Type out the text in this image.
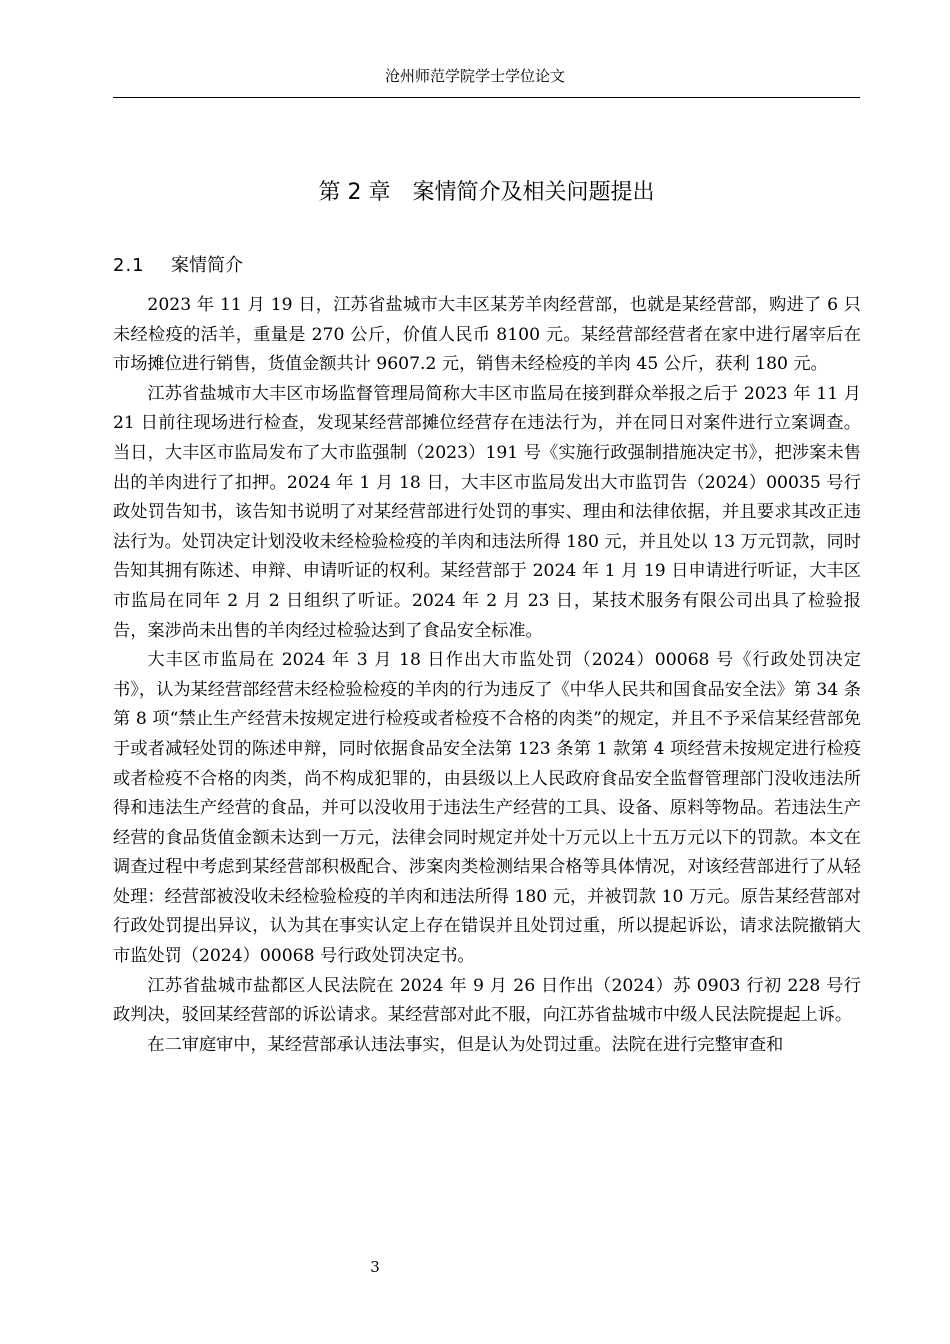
沧州师范学院学士学位论文
第 2 章　案情简介及相关问题提出
2.1 案情简介

2023 年 11 月 19 日，江苏省盐城市大丰区某芳羊肉经营部，也就是某经营部，购进了 6 只未经检疫的活羊，重量是 270 公斤，价值人民币 8100 元。某经营部经营者在家中进行屠宰后在市场摊位进行销售，货值金额共计 9607.2 元，销售未经检疫的羊肉 45 公斤，获利 180 元。

江苏省盐城市大丰区市场监督管理局简称大丰区市监局在接到群众举报之后于 2023 年 11 月 21 日前往现场进行检查，发现某经营部摊位经营存在违法行为，并在同日对案件进行立案调查。当日，大丰区市监局发布了大市监强制（2023）191 号《实施行政强制措施决定书》，把涉案未售出的羊肉进行了扣押。2024 年 1 月 18 日，大丰区市监局发出大市监罚告（2024）00035 号行政处罚告知书，该告知书说明了对某经营部进行处罚的事实、理由和法律依据，并且要求其改正违法行为。处罚决定计划没收未经检验检疫的羊肉和违法所得 180 元，并且处以 13 万元罚款，同时告知其拥有陈述、申辩、申请听证的权利。某经营部于 2024 年 1 月 19 日申请进行听证，大丰区市监局在同年 2 月 2 日组织了听证。2024 年 2 月 23 日，某技术服务有限公司出具了检验报告，案涉尚未出售的羊肉经过检验达到了食品安全标准。

大丰区市监局在 2024 年 3 月 18 日作出大市监处罚（2024）00068 号《行政处罚决定书》，认为某经营部经营未经检验检疫的羊肉的行为违反了《中华人民共和国食品安全法》第 34 条第 8 项“禁止生产经营未按规定进行检疫或者检疫不合格的肉类”的规定，并且不予采信某经营部免于或者减轻处罚的陈述申辩，同时依据食品安全法第 123 条第 1 款第 4 项经营未按规定进行检疫或者检疫不合格的肉类，尚不构成犯罪的，由县级以上人民政府食品安全监督管理部门没收违法所得和违法生产经营的食品，并可以没收用于违法生产经营的工具、设备、原料等物品。若违法生产经营的食品货值金额未达到一万元，法律会同时规定并处十万元以上十五万元以下的罚款。本文在调查过程中考虑到某经营部积极配合、涉案肉类检测结果合格等具体情况，对该经营部进行了从轻处理：经营部被没收未经检验检疫的羊肉和违法所得 180 元，并被罚款 10 万元。原告某经营部对行政处罚提出异议，认为其在事实认定上存在错误并且处罚过重，所以提起诉讼，请求法院撤销大市监处罚（2024）00068 号行政处罚决定书。

江苏省盐城市盐都区人民法院在 2024 年 9 月 26 日作出（2024）苏 0903 行初 228 号行政判决，驳回某经营部的诉讼请求。某经营部对此不服，向江苏省盐城市中级人民法院提起上诉。

在二审庭审中，某经营部承认违法事实，但是认为处罚过重。法院在进行完整审查和

3
